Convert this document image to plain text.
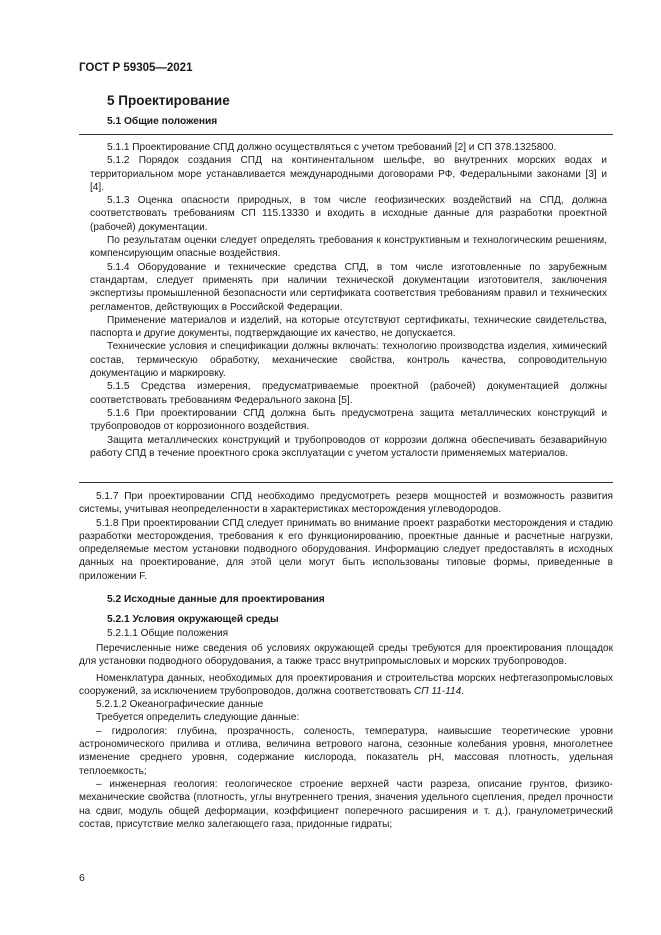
ГОСТ Р 59305—2021
5 Проектирование
5.1 Общие положения

5.1.1 Проектирование СПД должно осуществляться с учетом требований [2] и СП 378.1325800.

5.1.2 Порядок создания СПД на континентальном шельфе, во внутренних морских водах и территориальном море устанавливается международными договорами РФ, Федеральными законами [3] и [4].

5.1.3 Оценка опасности природных, в том числе геофизических воздействий на СПД, должна соответствовать требованиям СП 115.13330 и входить в исходные данные для разработки проектной (рабочей) документации.

По результатам оценки следует определять требования к конструктивным и технологическим решениям, компенсирующим опасные воздействия.

5.1.4 Оборудование и технические средства СПД, в том числе изготовленные по зарубежным стандартам, следует применять при наличии технической документации изготовителя, заключения экспертизы промышленной безопасности или сертификата соответствия требованиям правил и технических регламентов, действующих в Российской Федерации.

Применение материалов и изделий, на которые отсутствуют сертификаты, технические свидетельства, паспорта и другие документы, подтверждающие их качество, не допускается.

Технические условия и спецификации должны включать: технологию производства изделия, химический состав, термическую обработку, механические свойства, контроль качества, сопроводительную документацию и маркировку.

5.1.5 Средства измерения, предусматриваемые проектной (рабочей) документацией должны соответствовать требованиям Федерального закона [5].

5.1.6 При проектировании СПД должна быть предусмотрена защита металлических конструкций и трубопроводов от коррозионного воздействия.

Защита металлических конструкций и трубопроводов от коррозии должна обеспечивать безаварийную работу СПД в течение проектного срока эксплуатации с учетом усталости применяемых материалов.

5.1.7 При проектировании СПД необходимо предусмотреть резерв мощностей и возможность развития системы, учитывая неопределенности в характеристиках месторождения углеводородов.

5.1.8 При проектировании СПД следует принимать во внимание проект разработки месторождения и стадию разработки месторождения, требования к его функционированию, проектные данные и расчетные нагрузки, определяемые местом установки подводного оборудования. Информацию следует предоставлять в исходных данных на проектирование, для этой цели могут быть использованы типовые формы, приведенные в приложении F.

5.2 Исходные данные для проектирования
5.2.1 Условия окружающей среды
5.2.1.1 Общие положения

Перечисленные ниже сведения об условиях окружающей среды требуются для проектирования площадок для установки подводного оборудования, а также трасс внутрипромысловых и морских трубопроводов.

Номенклатура данных, необходимых для проектирования и строительства морских нефтегазопромысловых сооружений, за исключением трубопроводов, должна соответствовать СП 11-114.

5.2.1.2 Океанографические данные

Требуется определить следующие данные:

– гидрология: глубина, прозрачность, соленость, температура, наивысшие теоретические уровни астрономического прилива и отлива, величина ветрового нагона, сезонные колебания уровня, многолетнее изменение среднего уровня, содержание кислорода, показатель pH, массовая плотность, удельная теплоемкость;

– инженерная геология: геологическое строение верхней части разреза, описание грунтов, физико-механические свойства (плотность, углы внутреннего трения, значения удельного сцепления, предел прочности на сдвиг, модуль общей деформации, коэффициент поперечного расширения и т. д.), гранулометрический состав, присутствие мелко залегающего газа, придонные гидраты;

6
